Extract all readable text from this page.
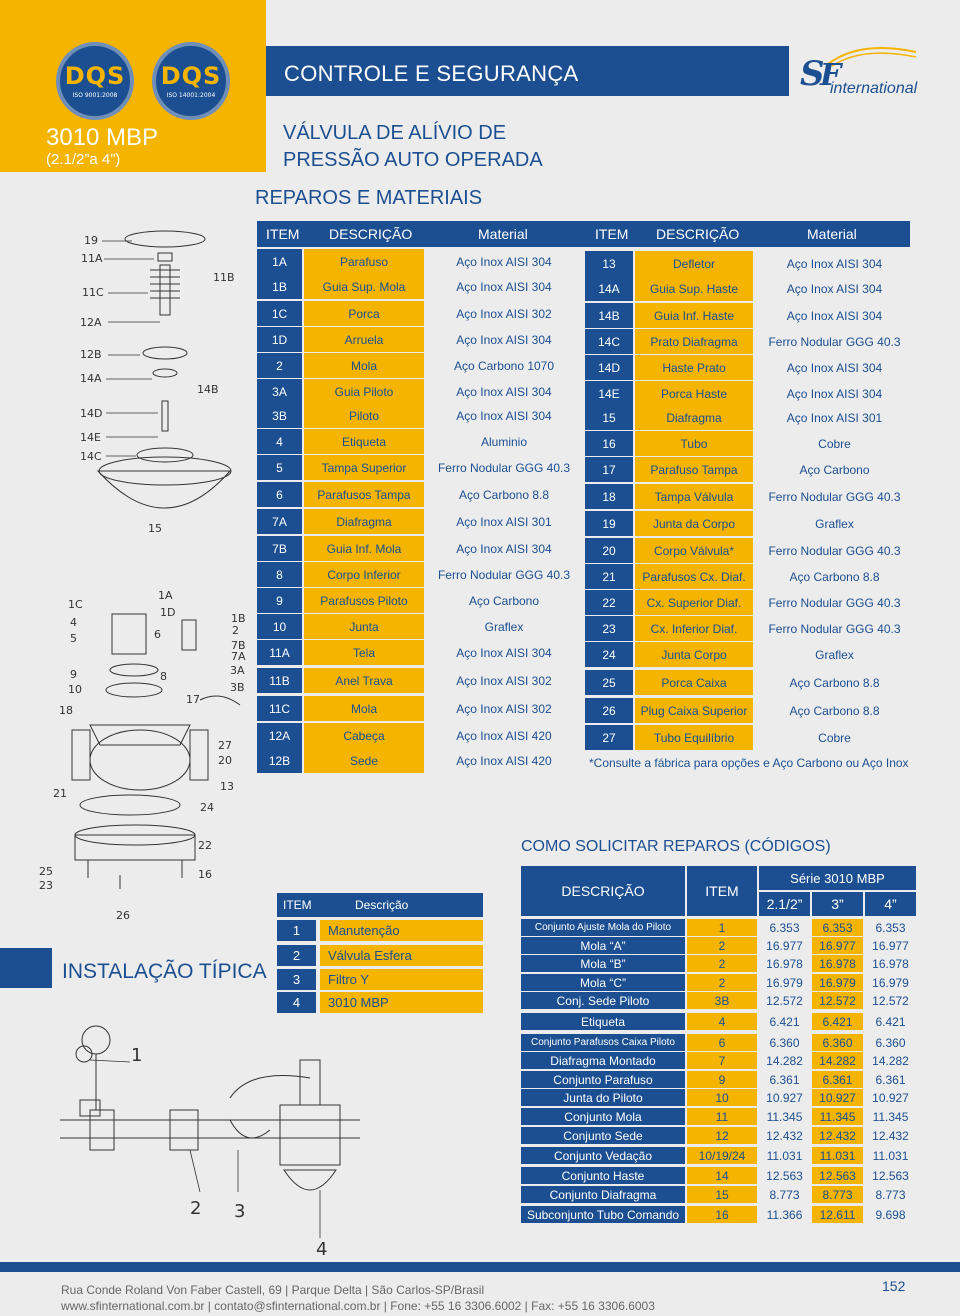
DQS
ISO 9001:2008
DQS
ISO 14001:2004
3010 MBP
(2.1/2”a 4”)
CONTROLE E SEGURANÇA	S
F
international
VÁLVULA DE ALÍVIO DE
PRESSÃO AUTO OPERADA
REPAROS E MATERIAIS
ITEM DESCRIÇÃO	Material	ITEM DESCRIÇÃO	Material
1A	Parafuso	Aço Inox AISI 304
1B	Guia Sup. Mola	Aço Inox AISI 304
1C	Porca	Aço Inox AISI 302
1D	Arruela	Aço Inox AISI 304
2	Mola	Aço Carbono 1070
3A	Guia Piloto	Aço Inox AISI 304
3B	Piloto	Aço Inox AISI 304
4	Etiqueta	Aluminio
5	Tampa Superior	Ferro Nodular GGG 40.3
6	Parafusos Tampa	Aço Carbono 8.8
7A	Diafragma	Aço Inox AISI 301
7B	Guia Inf. Mola	Aço Inox AISI 304
8	Corpo Inferior	Ferro Nodular GGG 40.3
9	Parafusos Piloto	Aço Carbono
10	Junta	Graflex
11A	Tela	Aço Inox AISI 304
11B	Anel Trava	Aço Inox AISI 302
11C	Mola	Aço Inox AISI 302
12A	Cabeça	Aço Inox AISI 420
12B	Sede	Aço Inox AISI 420
13	Defletor	Aço Inox AISI 304
14A	Guia Sup. Haste	Aço Inox AISI 304
14B	Guia Inf. Haste	Aço Inox AISI 304
14C	Prato Diafragma	Ferro Nodular GGG 40.3
14D	Haste Prato	Aço Inox AISI 304
14E	Porca Haste	Aço Inox AISI 304
15	Diafragma	Aço Inox AISI 301
16	Tubo	Cobre
17	Parafuso Tampa	Aço Carbono
18	Tampa Válvula	Ferro Nodular GGG 40.3
19	Junta da Corpo	Graflex
20	Corpo Válvula*	Ferro Nodular GGG 40.3
21	Parafusos Cx. Diaf.	Aço Carbono 8.8
22	Cx. Superior Diaf.	Ferro Nodular GGG 40.3
23	Cx. Inferior Diaf.	Ferro Nodular GGG 40.3
24	Junta Corpo	Graflex
25	Porca Caixa	Aço Carbono 8.8
26	Plug Caixa Superior	Aço Carbono 8.8
27	Tubo Equilíbrio	Cobre
*Consulte a fábrica para opções e Aço Carbono ou Aço Inox
19
11A
11B
11C
12A
12B
14A
14B
14D
14E
14C
15
1A
1C
1D	1B
2
4
5	6
7B
7A
3A
3B
9	8
10
18
17
27
20
13
21
24
22
25
23
16
26
COMO SOLICITAR REPAROS (CÓDIGOS)
DESCRIÇÃO	ITEM
Série 3010 MBP
2.1/2”	3”	4”
Conjunto Ajuste Mola do Piloto	1	6.353	6.353	6.353
Mola “A”	2	16.977	16.977	16.977
Mola “B”	2	16.978	16.978	16.978
Mola “C”	2	16.979	16.979	16.979
Conj. Sede Piloto	3B	12.572	12.572	12.572
Etiqueta	4	6.421	6.421	6.421
Conjunto Parafusos Caixa Piloto	6	6.360	6.360	6.360
Diafragma Montado	7	14.282	14.282	14.282
Conjunto Parafuso	9	6.361	6.361	6.361
Junta do Piloto	10	10.927	10.927	10.927
Conjunto Mola	11	11.345	11.345	11.345
Conjunto Sede	12	12.432	12.432	12.432
Conjunto Vedação	10/19/24	11.031	11.031	11.031
Conjunto Haste	14	12.563	12.563	12.563
Conjunto Diafragma	15	8.773	8.773	8.773
Subconjunto Tubo Comando	16	11.366	12.611	9.698
INSTALAÇÃO TÍPICA
ITEM	Descrição
1	Manutenção
2	Válvula Esfera
3	Filtro Y
4	3010 MBP
1
2 3
4
Rua Conde Roland Von Faber Castell, 69 | Parque Delta | São Carlos-SP/Brasil
www.sfinternational.com.br | contato@sfinternational.com.br | Fone: +55 16 3306.6002 | Fax: +55 16 3306.6003
152
